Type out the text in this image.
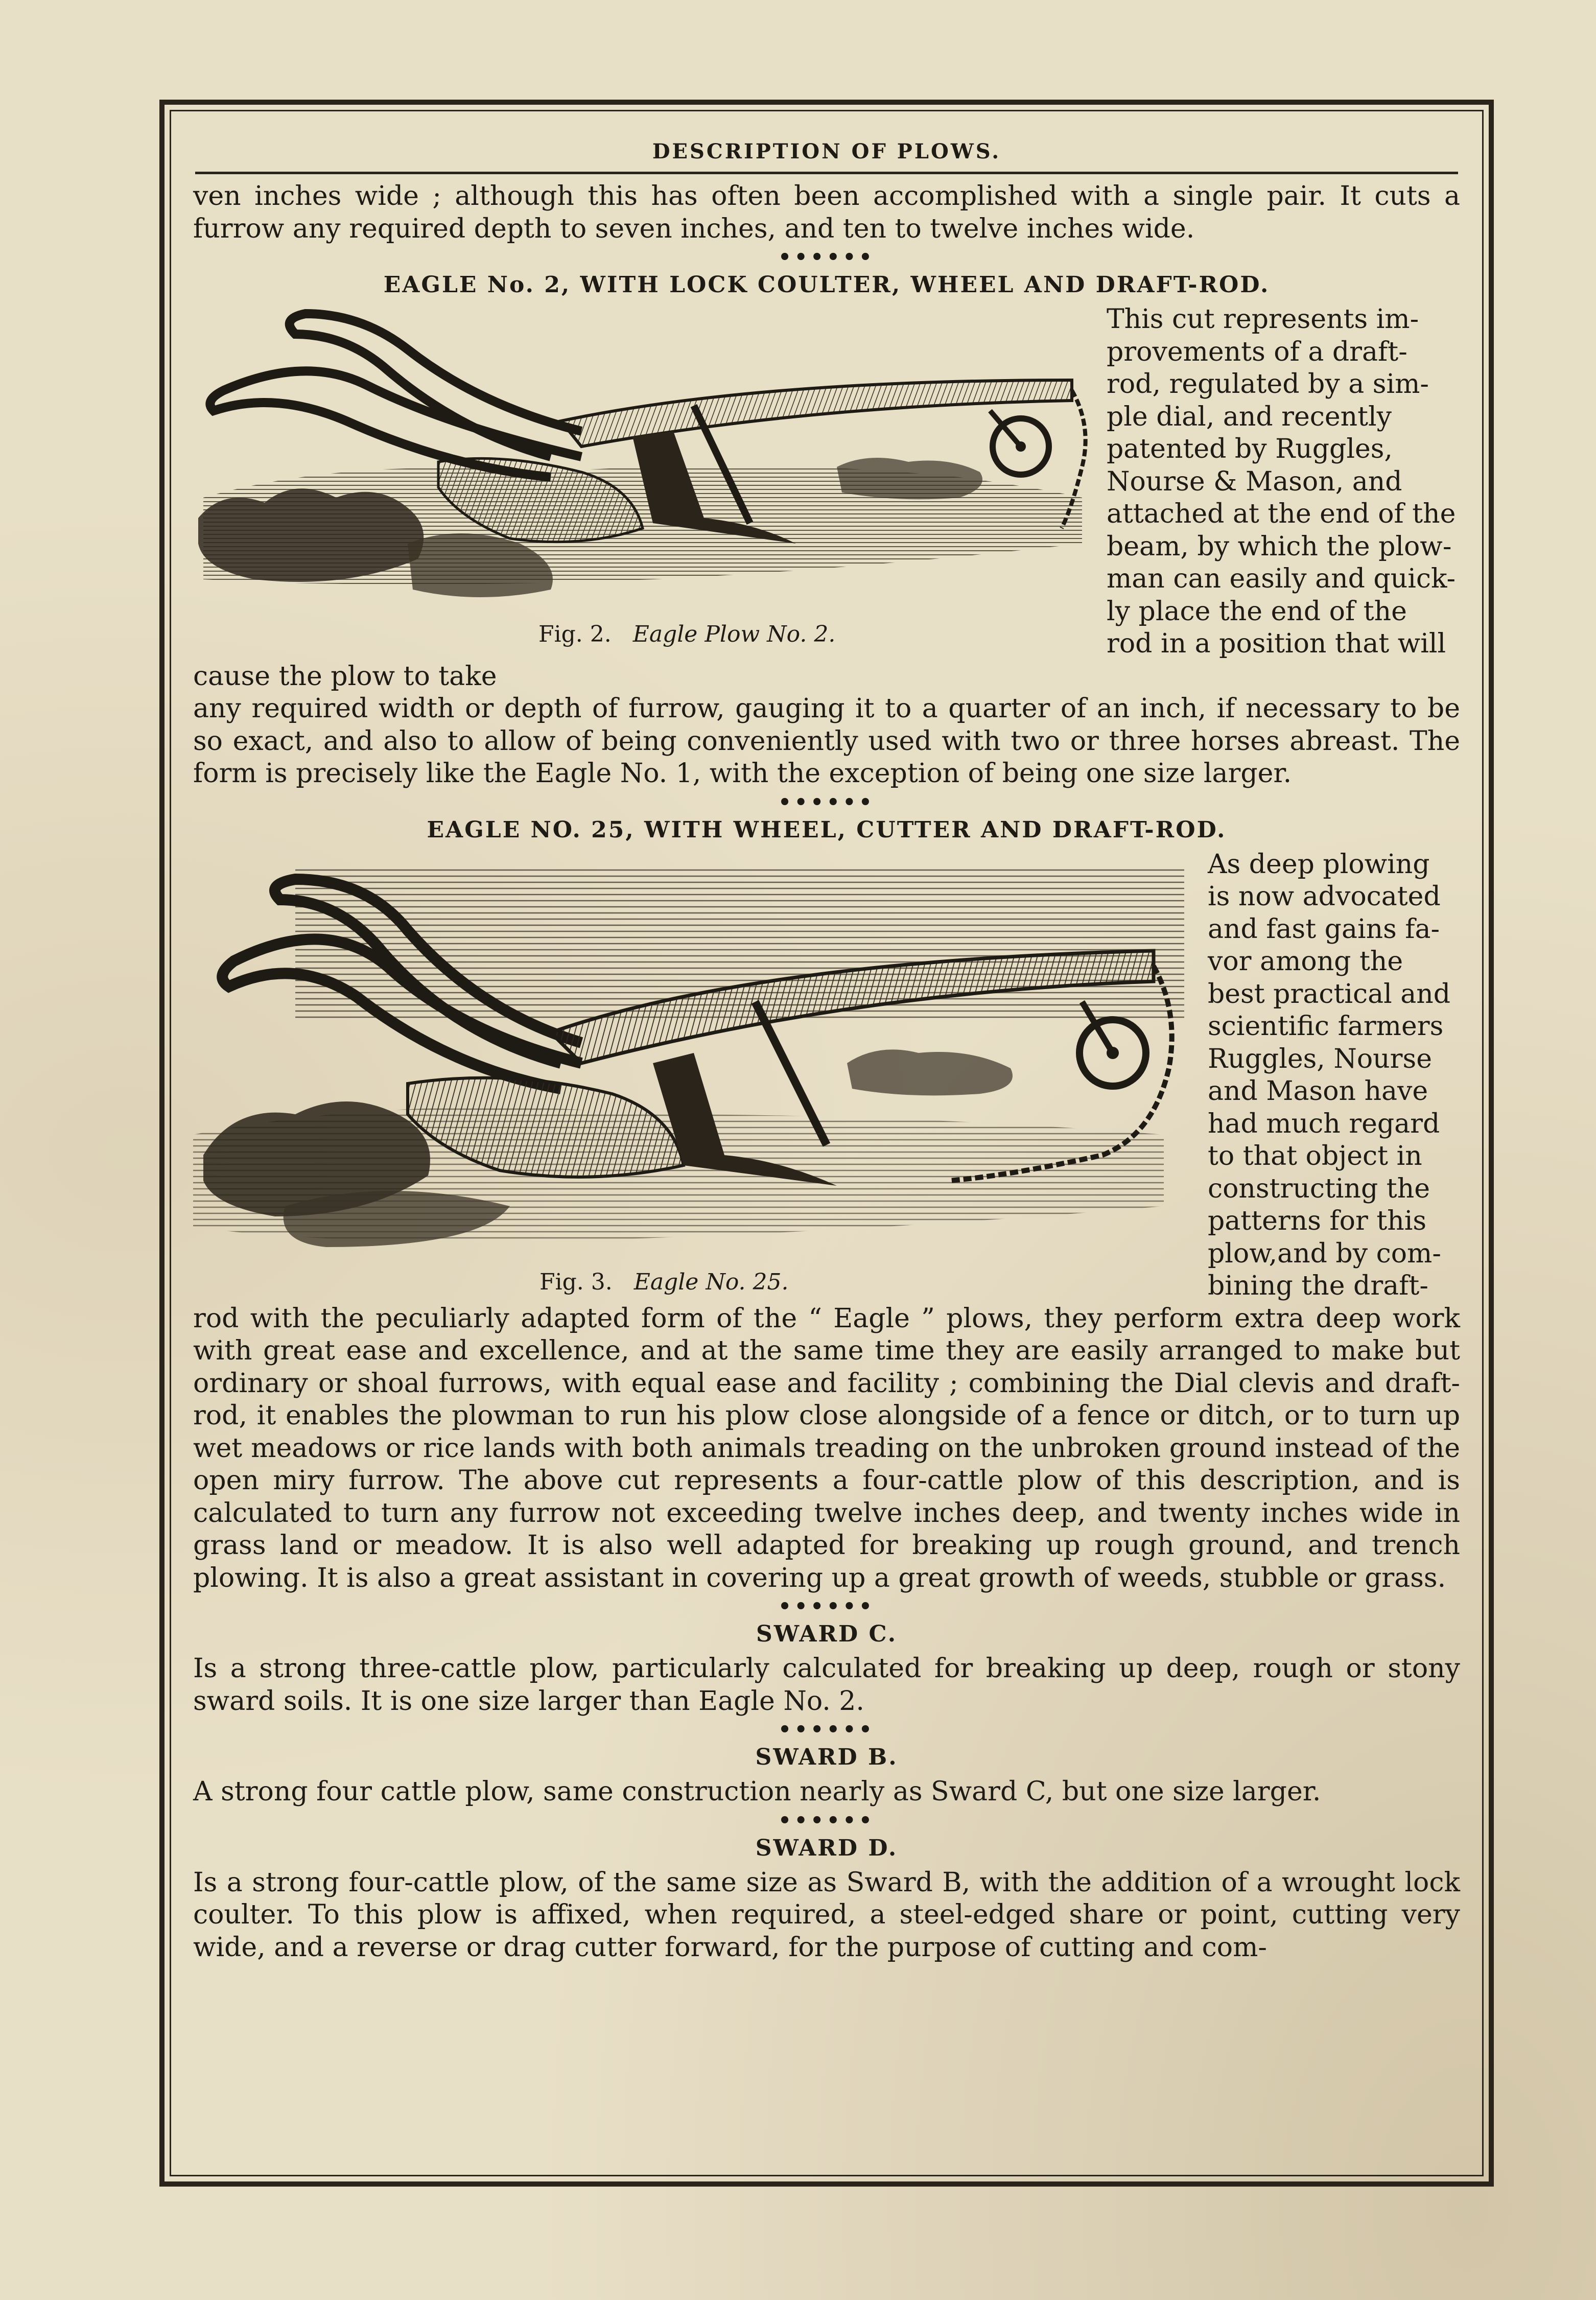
DESCRIPTION OF PLOWS.

ven inches wide ; although this has often been accomplished with a single pair. It cuts a furrow any required depth to seven inches, and ten to twelve inches wide.

••••••
EAGLE No. 2, WITH LOCK COULTER, WHEEL AND DRAFT-ROD.
Fig. 2. Eagle Plow No. 2.
This cut represents im-
provements of a draft-
rod, regulated by a sim-
ple dial, and recently
patented by Ruggles,
Nourse & Mason, and
attached at the end of the
beam, by which the plow-
man can easily and quick-
ly place the end of the
rod in a position that will
cause the plow to take

any required width or depth of furrow, gauging it to a quarter of an inch, if necessary to be so exact, and also to allow of being conveniently used with two or three horses abreast. The form is precisely like the Eagle No. 1, with the exception of being one size larger.

••••••
EAGLE NO. 25, WITH WHEEL, CUTTER AND DRAFT-ROD.
Fig. 3. Eagle No. 25.
As deep plowing
is now advocated
and fast gains fa-
vor among the
best practical and
scientific farmers
Ruggles, Nourse
and Mason have
had much regard
to that object in
constructing the
patterns for this
plow,and by com-
bining the draft-

rod with the peculiarly adapted form of the “ Eagle ” plows, they perform extra deep work with great ease and excellence, and at the same time they are easily arranged to make but ordinary or shoal furrows, with equal ease and facility ; combining the Dial clevis and draft-rod, it enables the plowman to run his plow close alongside of a fence or ditch, or to turn up wet meadows or rice lands with both animals treading on the unbroken ground instead of the open miry furrow. The above cut represents a four-cattle plow of this description, and is calculated to turn any furrow not exceeding twelve inches deep, and twenty inches wide in grass land or meadow. It is also well adapted for breaking up rough ground, and trench plowing. It is also a great assistant in covering up a great growth of weeds, stubble or grass.

••••••
SWARD C.

Is a strong three-cattle plow, particularly calculated for breaking up deep, rough or stony sward soils. It is one size larger than Eagle No. 2.

••••••
SWARD B.

A strong four cattle plow, same construction nearly as Sward C, but one size larger.

••••••
SWARD D.

Is a strong four-cattle plow, of the same size as Sward B, with the addition of a wrought lock coulter. To this plow is affixed, when required, a steel-edged share or point, cutting very wide, and a reverse or drag cutter forward, for the purpose of cutting and com-
